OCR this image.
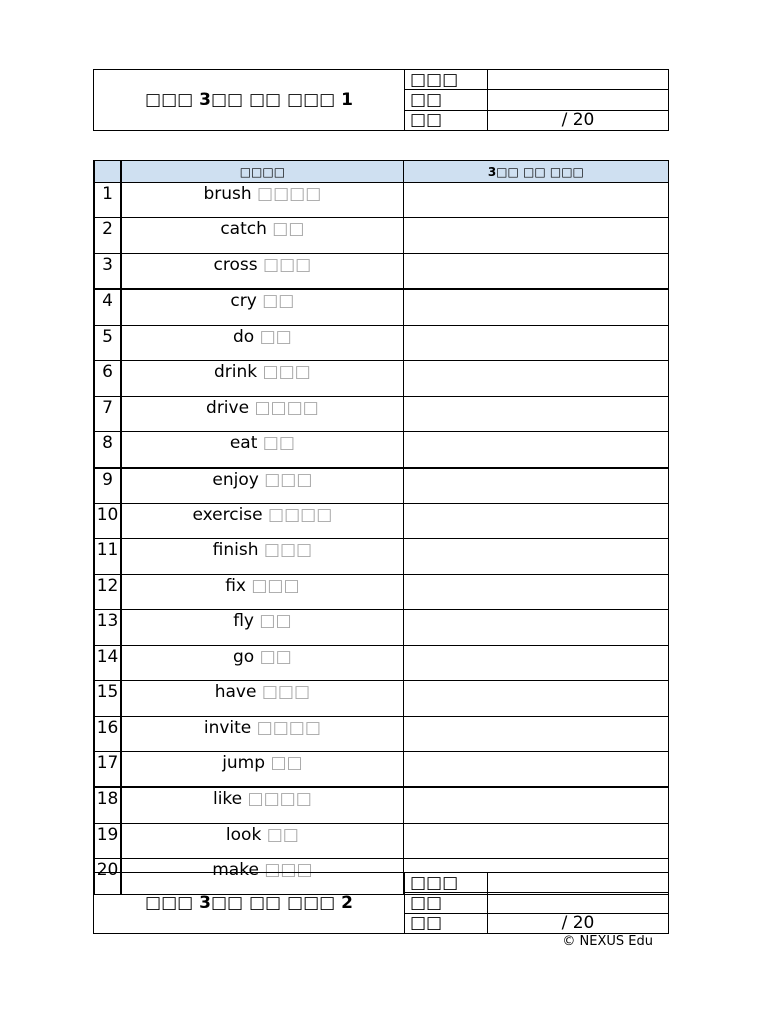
□□□ 3□□ □□ □□□ 1	□□□	
	□□	
	□□	/ 20
	□□□□	3□□ □□ □□□
1	brush □□□□	
2	catch □□	
3	cross □□□	
4	cry □□	
5	do □□	
6	drink □□□	
7	drive □□□□	
8	eat □□	
9	enjoy □□□	
10	exercise □□□□	
11	finish □□□	
12	fix □□□	
13	fly □□	
14	go □□	
15	have □□□	
16	invite □□□□	
17	jump □□	
18	like □□□□	
19	look □□	
20	make □□□	
□□□ 3□□ □□ □□□ 2	□□□	
	□□	
	□□	/ 20
© NEXUS Edu
